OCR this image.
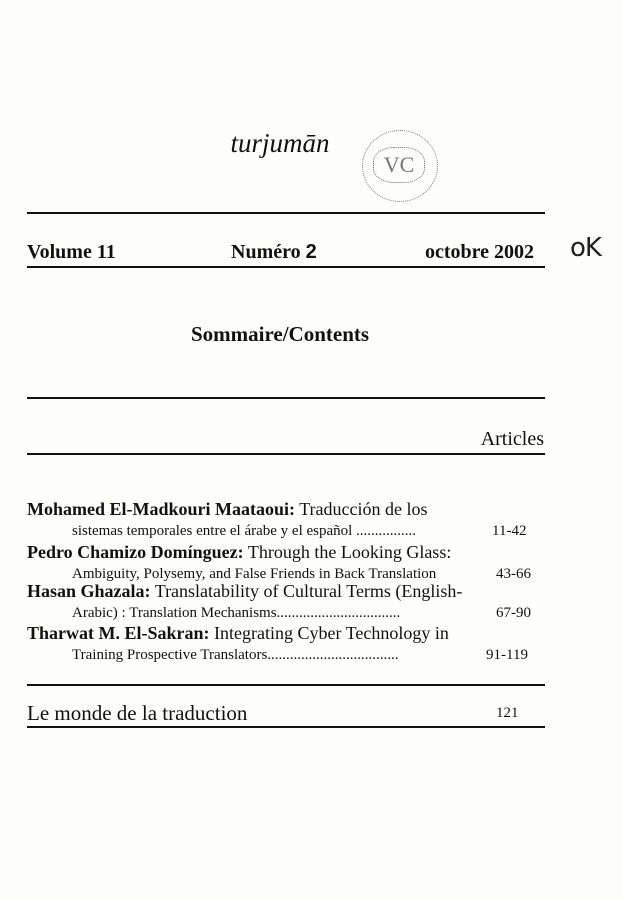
turjumān
VC
Volume 11	Numéro 2	octobre 2002 oK
Sommaire/Contents
Articles
Mohamed El-Madkouri Maataoui: Traducción de los
sistemas temporales entre el árabe y el español ................	11-42
Pedro Chamizo Domínguez: Through the Looking Glass:
Ambiguity, Polysemy, and False Friends in Back Translation	43-66
Hasan Ghazala: Translatability of Cultural Terms (English-
Arabic) : Translation Mechanisms.................................	67-90
Tharwat M. El-Sakran: Integrating Cyber Technology in
Training Prospective Translators...................................	91-119
Le monde de la traduction	121
